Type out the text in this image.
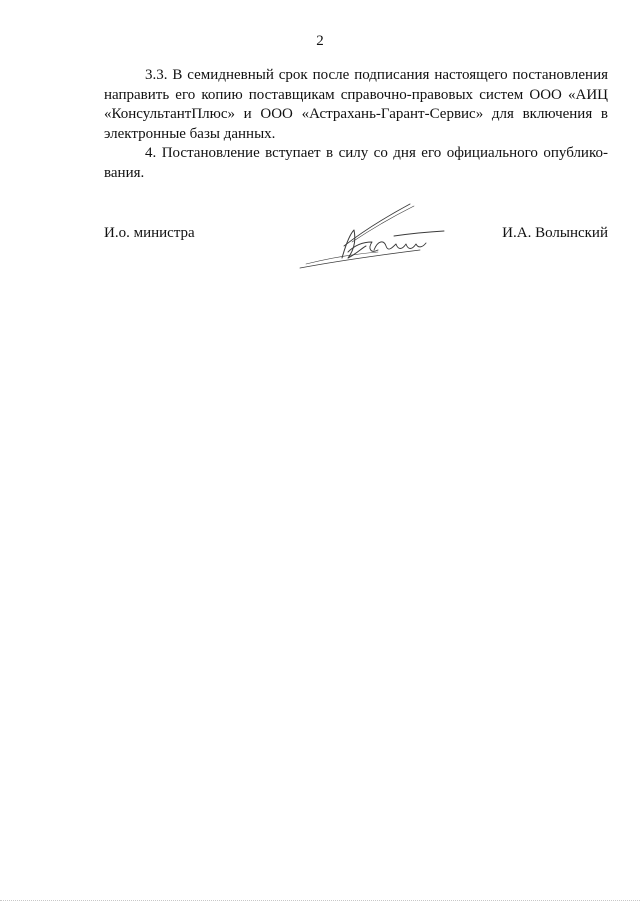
2

3.3. В семидневный срок после подписания настоящего постановления направить его копию поставщикам справочно-правовых систем ООО «АИЦ «КонсультантПлюс» и ООО «Астрахань-Гарант-Сервис» для включения в электронные базы данных.

4. Постановление вступает в силу со дня его официального опубликования.

И.о. министра	И.А. Волынский
